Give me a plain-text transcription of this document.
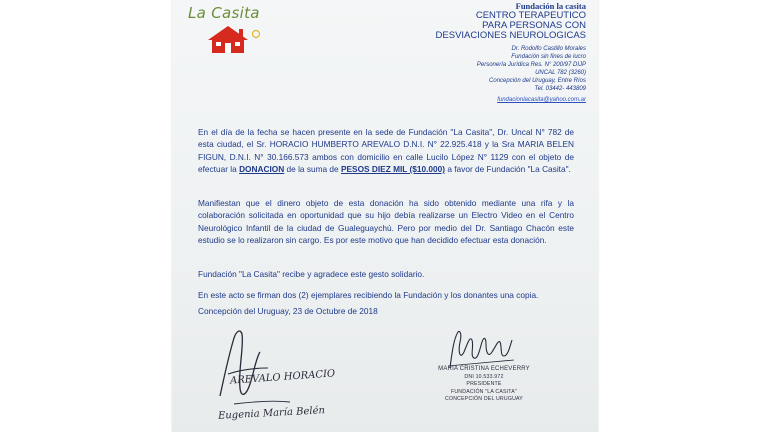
La Casita	Fundación la casita
CENTRO TERAPEUTICO
PARA PERSONAS CON
DESVIACIONES NEUROLOGICAS
Dr. Rodolfo Castillo Morales
Fundación sin fines de lucro
Personería Jurídica Res. N° 200/97 DIJP
UNCAL 782 (3260)
Concepción del Uruguay, Entre Ríos
Tel. 03442- 443809
fundacionlacasita@yahoo.com.ar
En el día de la fecha se hacen presente en la sede de Fundación "La Casita", Dr. Uncal N° 782 de esta ciudad, el Sr. HORACIO HUMBERTO AREVALO D.N.I. N° 22.925.418 y la Sra MARIA BELEN FIGUN, D.N.I. N° 30.166.573 ambos con domicilio en calle Lucilo López N° 1129 con el objeto de efectuar la DONACION de la suma de PESOS DIEZ MIL ($10.000) a favor de Fundación "La Casita".
Manifiestan que el dinero objeto de esta donación ha sido obtenido mediante una rifa y la colaboración solicitada en oportunidad que su hijo debía realizarse un Electro Video en el Centro Neurológico Infantil de la ciudad de Gualeguaychú. Pero por medio del Dr. Santiago Chacón este estudio se lo realizaron sin cargo. Es por este motivo que han decidido efectuar esta donación.
Fundación "La Casita" recibe y agradece este gesto solidario.
En este acto se firman dos (2) ejemplares recibiendo la Fundación y los donantes una copia.
Concepción del Uruguay, 23 de Octubre de 2018
AREVALO HORACIO
Eugenia María Belén
MARIA CRISTINA ECHEVERRY
DNI 10.533.972
PRESIDENTE
FUNDACIÓN "LA CASITA"
CONCEPCIÓN DEL URUGUAY
